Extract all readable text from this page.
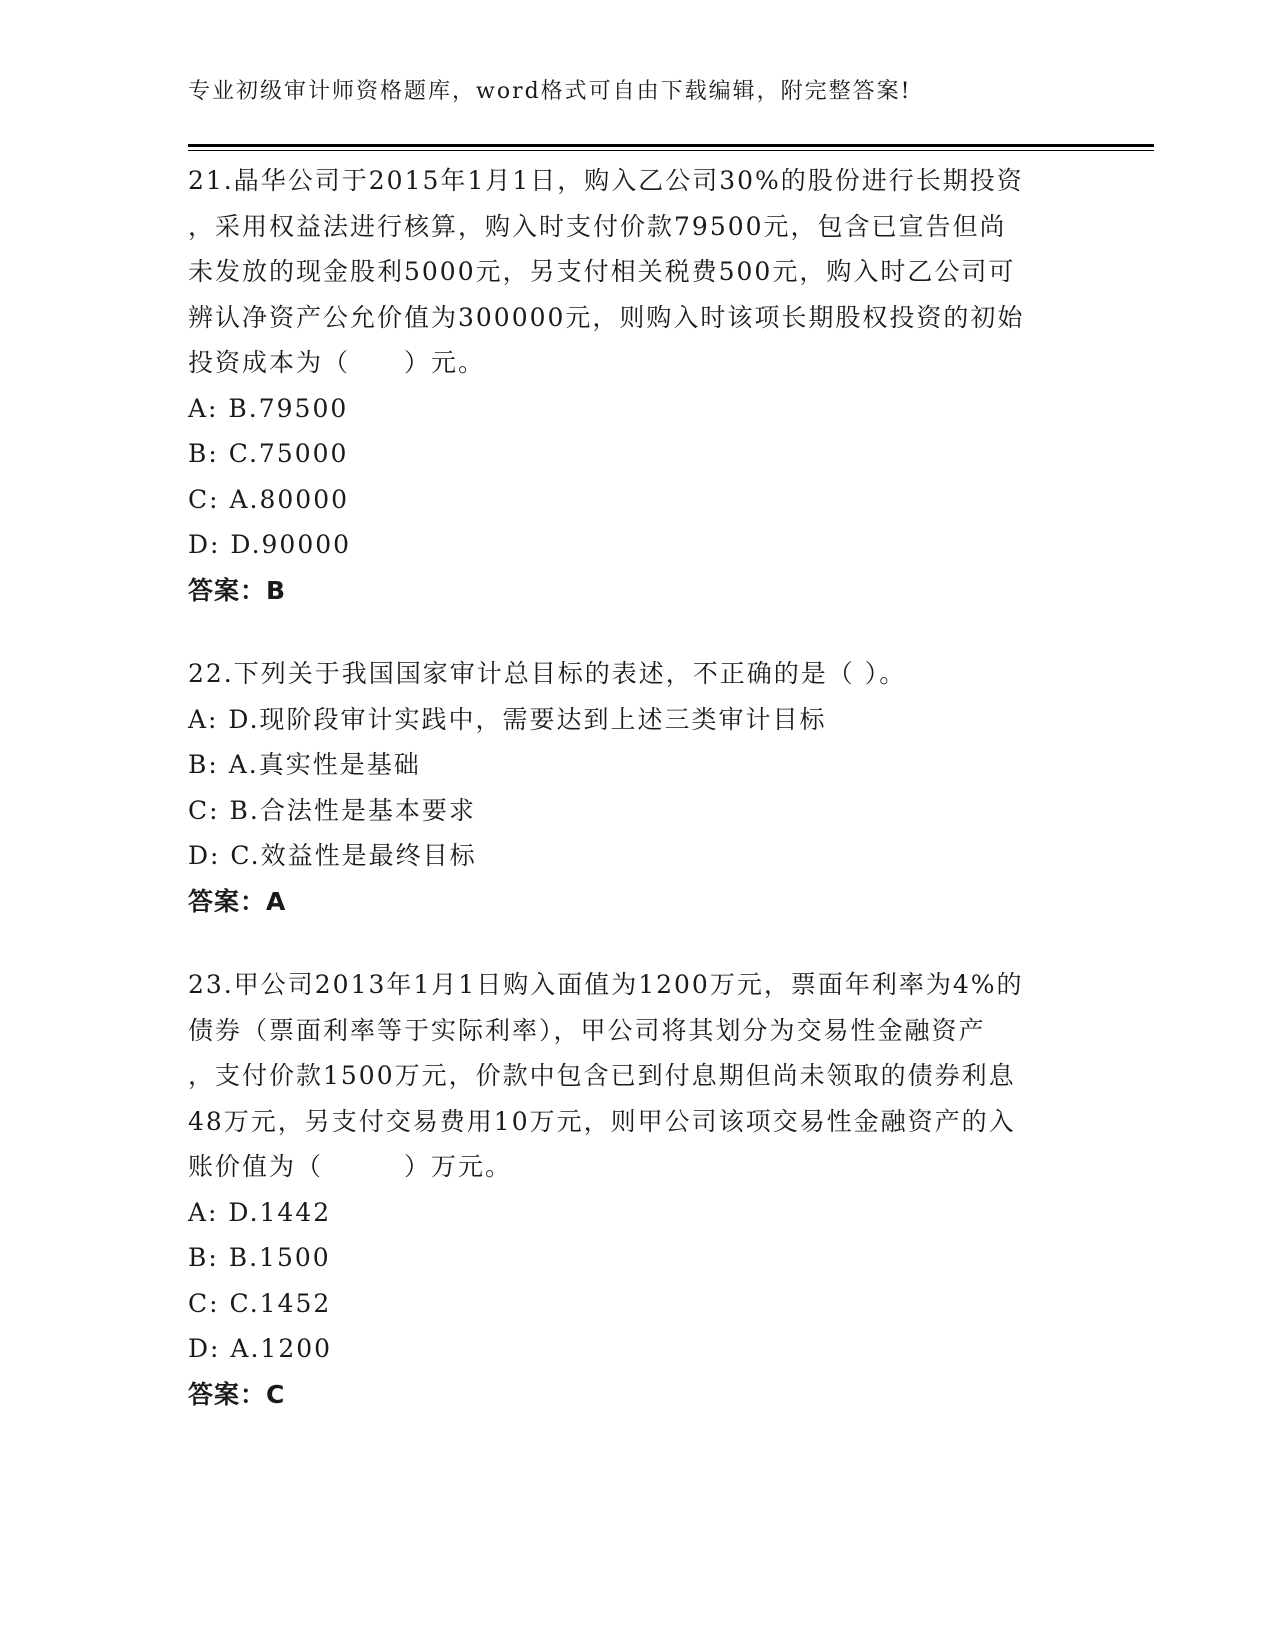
专业初级审计师资格题库，word格式可自由下载编辑，附完整答案!
21.晶华公司于2015年1月1日，购入乙公司30%的股份进行长期投资
，采用权益法进行核算，购入时支付价款79500元，包含已宣告但尚
未发放的现金股利5000元，另支付相关税费500元，购入时乙公司可
辨认净资产公允价值为300000元，则购入时该项长期股权投资的初始
投资成本为（　　）元。
A: B.79500
B: C.75000
C: A.80000
D: D.90000
答案：B
22.下列关于我国国家审计总目标的表述，不正确的是（ ）。
A: D.现阶段审计实践中，需要达到上述三类审计目标
B: A.真实性是基础
C: B.合法性是基本要求
D: C.效益性是最终目标
答案：A
23.甲公司2013年1月1日购入面值为1200万元，票面年利率为4%的
债券（票面利率等于实际利率），甲公司将其划分为交易性金融资产
，支付价款1500万元，价款中包含已到付息期但尚未领取的债券利息
48万元，另支付交易费用10万元，则甲公司该项交易性金融资产的入
账价值为（　　　）万元。
A: D.1442
B: B.1500
C: C.1452
D: A.1200
答案：C
